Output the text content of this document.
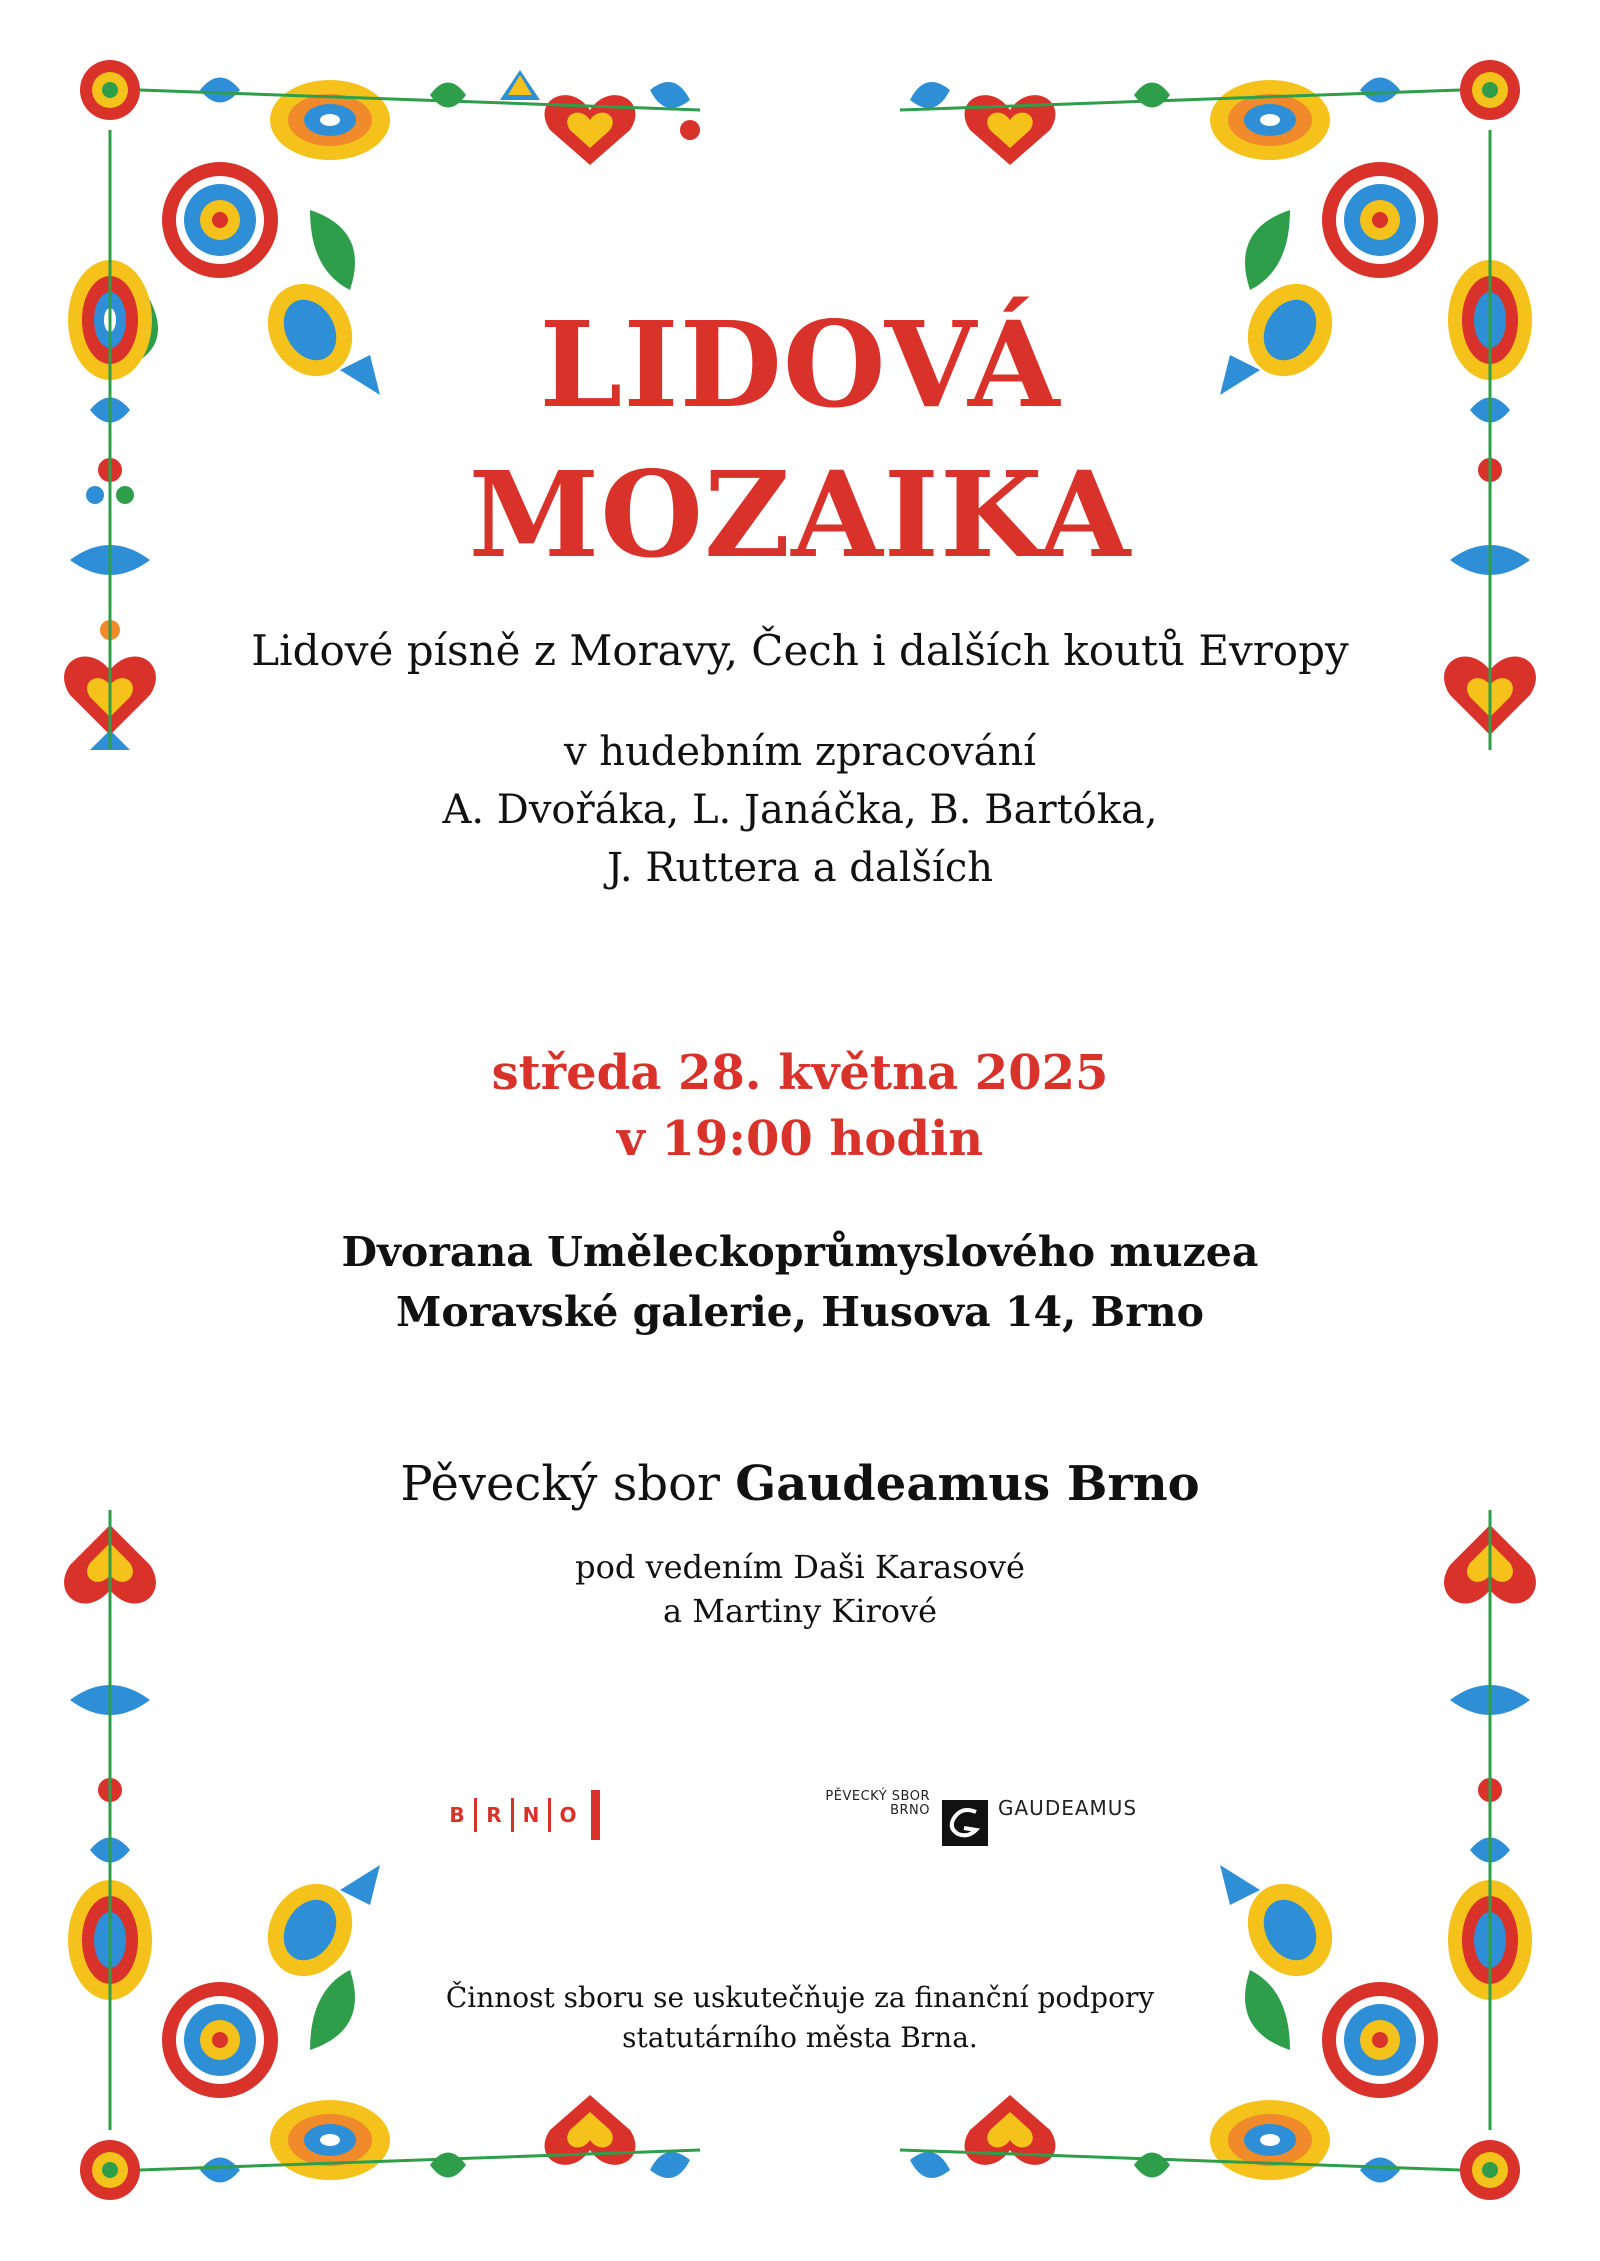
LIDOVÁ
MOZAIKA
Lidové písně z Moravy, Čech i dalších koutů Evropy
v hudebním zpracování
A. Dvořáka, L. Janáčka, B. Bartóka,
J. Ruttera a dalších
středa 28. května 2025
v 19:00 hodin
Dvorana Uměleckoprůmyslového muzea
Moravské galerie, Husova 14, Brno
Pěvecký sbor Gaudeamus Brno
pod vedením Daši Karasové
a Martiny Kirové
B	R	N	O
PĚVECKÝ SBOR
BRNO	GAUDEAMUS
Činnost sboru se uskutečňuje za finanční podpory
statutárního města Brna.
